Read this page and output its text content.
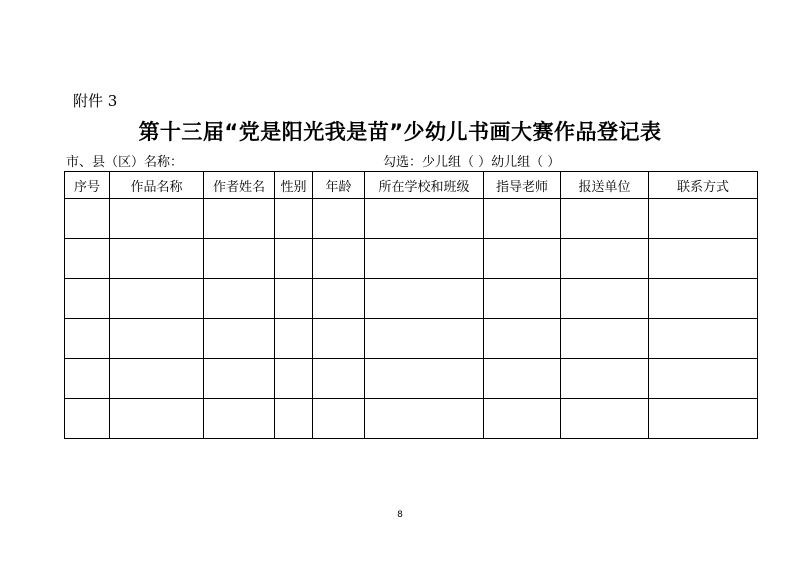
附件 3
第十三届“党是阳光我是苗”少幼儿书画大赛作品登记表
市、县（区）名称：	勾选：少儿组（ ）幼儿组（ ）
序号	作品名称	作者姓名	性别	年龄	所在学校和班级	指导老师	报送单位	联系方式

8
